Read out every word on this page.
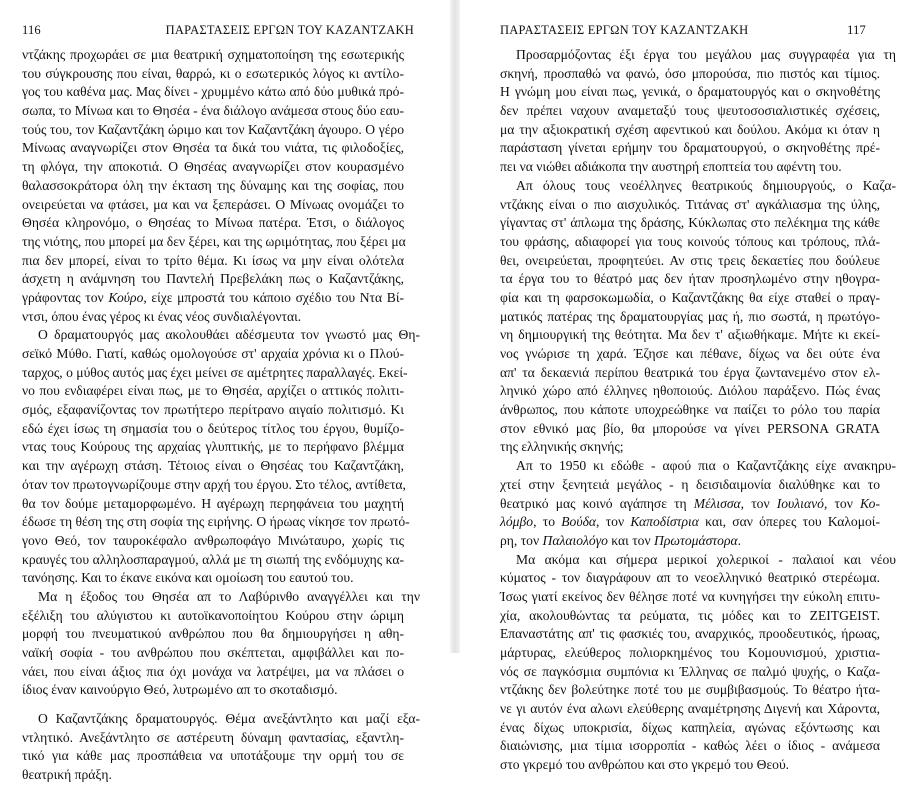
116	ΠΑΡΑΣΤΑΣΕΙΣ ΕΡΓΩΝ ΤΟΥ ΚΑΖΑΝΤΖΑΚΗ
ντζάκης προχωράει σε μια θεατρική σχηματοποίηση της εσωτερικής
του σύγκρουσης που είναι, θαρρώ, κι ο εσωτερικός λόγος κι αντίλο-
γος του καθένα μας. Μας δίνει - χρυμμένο κάτω από δύο μυθικά πρό-
σωπα, το Μίνωα και το Θησέα - ένα διάλογο ανάμεσα στους δύο εαυ-
τούς του, τον Καζαντζάκη ώριμο και τον Καζαντζάκη άγουρο. Ο γέρο
Μίνωας αναγνωρίζει στον Θησέα τα δικά του νιάτα, τις φιλοδοξίες,
τη φλόγα, την αποκοτιά. Ο Θησέας αναγνωρίζει στον κουρασμένο
θαλασσοκράτορα όλη την έκταση της δύναμης και της σοφίας, που
ονειρεύεται να φτάσει, μα και να ξεπεράσει. Ο Μίνωας ονομάζει το
Θησέα κληρονόμο, ο Θησέας το Μίνωα πατέρα. Έτσι, ο διάλογος
της νιότης, που μπορεί μα δεν ξέρει, και της ωριμότητας, που ξέρει μα
πια δεν μπορεί, είναι το τρίτο θέμα. Κι ίσως να μην είναι ολότελα
άσχετη η ανάμνηση του Παντελή Πρεβελάκη πως ο Καζαντζάκης,
γράφοντας τον Κούρο, είχε μπροστά του κάποιο σχέδιο του Ντα Βί-
ντσι, όπου ένας γέρος κι ένας νέος συνδιαλέγονται.
Ο δραματουργός μας ακολουθάει αδέσμευτα τον γνωστό μας Θη-
σεϊκό Μύθο. Γιατί, καθώς ομολογούσε στ' αρχαία χρόνια κι ο Πλού-
ταρχος, ο μύθος αυτός μας έχει μείνει σε αμέτρητες παραλλαγές. Εκεί-
νο που ενδιαφέρει είναι πως, με το Θησέα, αρχίζει ο αττικός πολιτι-
σμός, εξαφανίζοντας τον πρωτήτερο περίτρανο αιγαίο πολιτισμό. Κι
εδώ έχει ίσως τη σημασία του ο δεύτερος τίτλος του έργου, θυμίζο-
ντας τους Κούρους της αρχαίας γλυπτικής, με το περήφανο βλέμμα
και την αγέρωχη στάση. Τέτοιος είναι ο Θησέας του Καζαντζάκη,
όταν τον πρωτογνωρίζουμε στην αρχή του έργου. Στο τέλος, αντίθετα,
θα τον δούμε μεταμορφωμένο. Η αγέρωχη περηφάνεια του μαχητή
έδωσε τη θέση της στη σοφία της ειρήνης. Ο ήρωας νίκησε τον πρωτό-
γονο Θεό, τον ταυροκέφαλο ανθρωποφάγο Μινώταυρο, χωρίς τις
κραυγές του αλληλοσπαραγμού, αλλά με τη σιωπή της ενδόμυχης κα-
τανόησης. Και το έκανε εικόνα και ομοίωση του εαυτού του.
Μα η έξοδος του Θησέα απ το Λαβύρινθο αναγγέλλει και την
εξέλιξη του αλύγιστου κι αυτοϊκανοποίητου Κούρου στην ώριμη
μορφή του πνευματικού ανθρώπου που θα δημιουργήσει η αθη-
ναϊκή σοφία - του ανθρώπου που σκέπτεται, αμφιβάλλει και πο-
νάει, που είναι άξιος πια όχι μονάχα να λατρέψει, μα να πλάσει ο
ίδιος έναν καινούργιο Θεό, λυτρωμένο απ το σκοταδισμό.
Ο Καζαντζάκης δραματουργός. Θέμα ανεξάντλητο και μαζί εξα-
ντλητικό. Ανεξάντλητο σε αστέρευτη δύναμη φαντασίας, εξαντλη-
τικό για κάθε μας προσπάθεια να υποτάξουμε την ορμή του σε
θεατρική πράξη.
ΠΑΡΑΣΤΑΣΕΙΣ ΕΡΓΩΝ ΤΟΥ ΚΑΖΑΝΤΖΑΚΗ	117
Προσαρμόζοντας έξι έργα του μεγάλου μας συγγραφέα για τη
σκηνή, προσπαθώ να φανώ, όσο μπορούσα, πιο πιστός και τίμιος.
Η γνώμη μου είναι πως, γενικά, ο δραματουργός και ο σκηνοθέτης
δεν πρέπει ναχουν αναμεταξύ τους ψευτοσοσιαλιστικές σχέσεις,
μα την αξιοκρατική σχέση αφεντικού και δούλου. Ακόμα κι όταν η
παράσταση γίνεται ερήμην του δραματουργού, ο σκηνοθέτης πρέ-
πει να νιώθει αδιάκοπα την αυστηρή εποπτεία του αφέντη του.
Απ όλους τους νεοέλληνες θεατρικούς δημιουργούς, ο Καζα-
ντζάκης είναι ο πιο αισχυλικός. Τιτάνας στ' αγκάλιασμα της ύλης,
γίγαντας στ' άπλωμα της δράσης, Κύκλωπας στο πελέκημα της κάθε
του φράσης, αδιαφορεί για τους κοινούς τόπους και τρόπους, πλά-
θει, ονειρεύεται, προφητεύει. Αν στις τρεις δεκαετίες που δούλευε
τα έργα του το θέατρό μας δεν ήταν προσηλωμένο στην ηθογρα-
φία και τη φαρσοκωμωδία, ο Καζαντζάκης θα είχε σταθεί ο πραγ-
ματικός πατέρας της δραματουργίας μας ή, πιο σωστά, η πρωτόγο-
νη δημιουργική της θεότητα. Μα δεν τ' αξιωθήκαμε. Μήτε κι εκεί-
νος γνώρισε τη χαρά. Έζησε και πέθανε, δίχως να δει ούτε ένα
απ' τα δεκαενιά περίπου θεατρικά του έργα ζωντανεμένο στον ελ-
ληνικό χώρο από έλληνες ηθοποιούς. Διόλου παράξενο. Πώς ένας
άνθρωπος, που κάποτε υποχρεώθηκε να παίζει το ρόλο του παρία
στον εθνικό μας βίο, θα μπορούσε να γίνει PERSONA GRATA
της ελληνικής σκηνής;
Απ το 1950 κι εδώθε - αφού πια ο Καζαντζάκης είχε ανακηρυ-
χτεί στην ξενητειά μεγάλος - η δεισιδαιμονία διαλύθηκε και το
θεατρικό μας κοινό αγάπησε τη Μέλισσα, τον Ιουλιανό, τον Κο-
λόμβο, το Βούδα, τον Καποδίστρια και, σαν όπερες του Καλομοί-
ρη, τον Παλαιολόγο και τον Πρωτομάστορα.
Μα ακόμα και σήμερα μερικοί χολερικοί - παλαιοί και νέου
κύματος - τον διαγράφουν απ το νεοελληνικό θεατρικό στερέωμα.
Ίσως γιατί εκείνος δεν θέλησε ποτέ να κυνηγήσει την εύκολη επιτυ-
χία, ακολουθώντας τα ρεύματα, τις μόδες και το ZEITGEIST.
Επαναστάτης απ' τις φασκιές του, αναρχικός, προοδευτικός, ήρωας,
μάρτυρας, ελεύθερος πολιορκημένος του Κομουνισμού, χριστια-
νός σε παγκόσμια συμπόνια κι Έλληνας σε παλμό ψυχής, ο Καζα-
ντζάκης δεν βολεύτηκε ποτέ του με συμβιβασμούς. Το θέατρο ήτα-
νε γι αυτόν ένα αλωνι ελεύθερης αναμέτρησης Διγενή και Χάροντα,
ένας δίχως υποκρισία, δίχως καπηλεία, αγώνας εξόντωσης και
διαιώνισης, μια τίμια ισορροπία - καθώς λέει ο ίδιος - ανάμεσα
στο γκρεμό του ανθρώπου και στο γκρεμό του Θεού.
